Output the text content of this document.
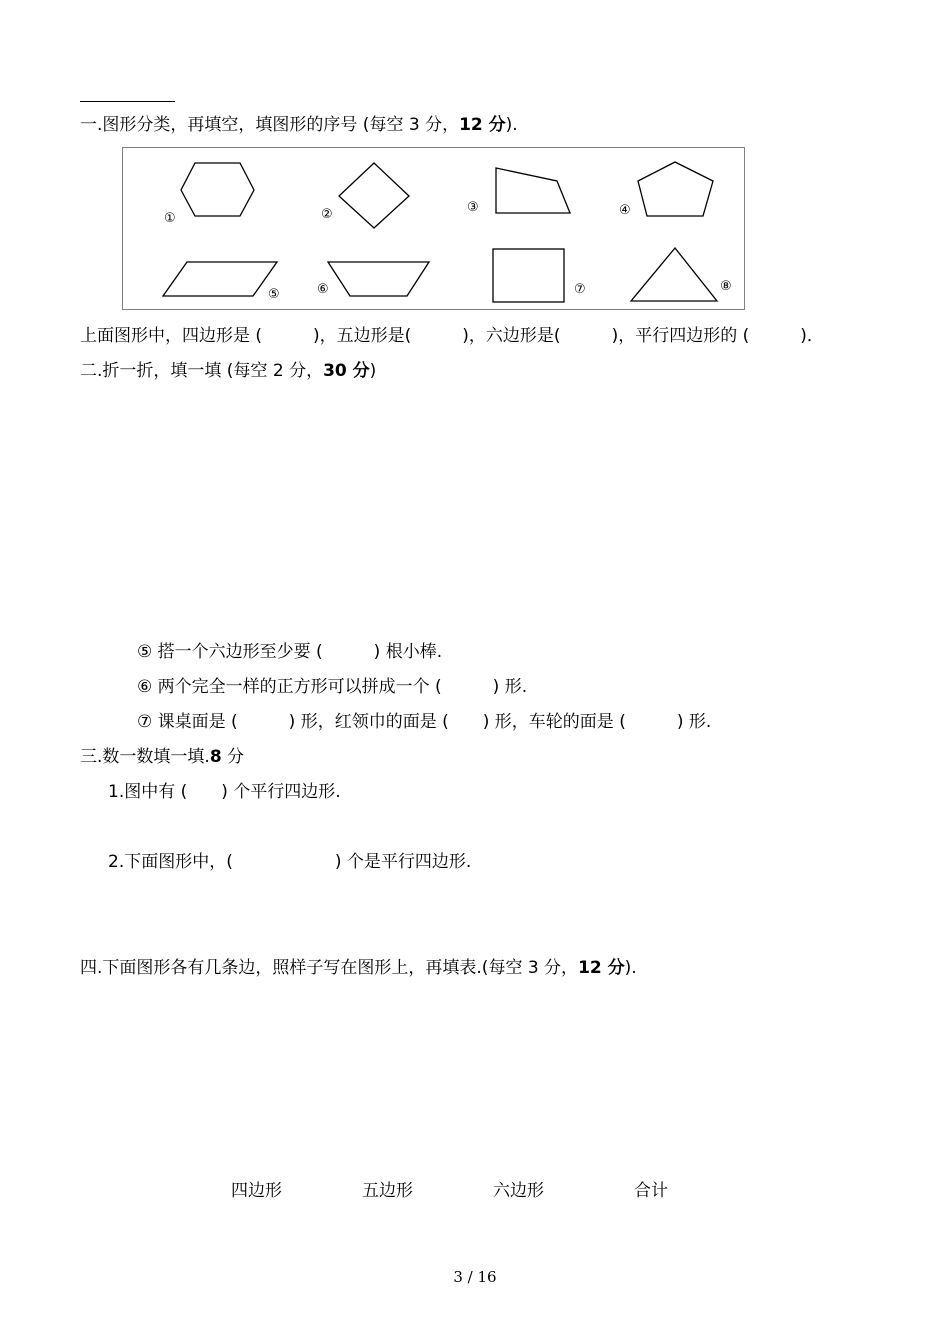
一.图形分类，再填空，填图形的序号 (每空 3 分，12 分).
①	②	③	④
⑤	⑥	⑦	⑧
上面图形中，四边形是 (　　　)，五边形是(　　　)，六边形是(　　　)，平行四边形的 (　　　)．
二.折一折，填一填 (每空 2 分，30 分)
⑤ 搭一个六边形至少要 (　　　) 根小棒.
⑥ 两个完全一样的正方形可以拼成一个 (　　　) 形.
⑦ 课桌面是 (　　　) 形，红领巾的面是 (　　) 形，车轮的面是 (　　　) 形.
三.数一数填一填.8 分
1.图中有 (　　) 个平行四边形.
2.下面图形中，(　　　　　　) 个是平行四边形.
四.下面图形各有几条边，照样子写在图形上，再填表.(每空 3 分，12 分).
四边形	五边形	六边形	合计
3 / 16
